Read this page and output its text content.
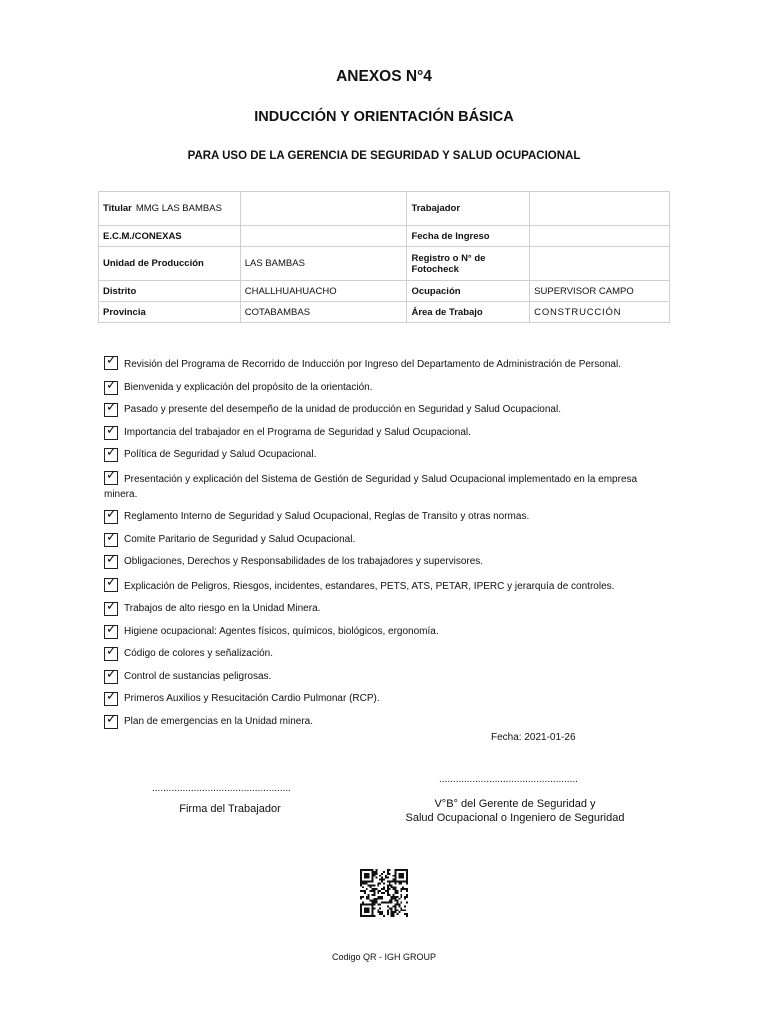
ANEXOS N°4
INDUCCIÓN Y ORIENTACIÓN BÁSICA
PARA USO DE LA GERENCIA DE SEGURIDAD Y SALUD OCUPACIONAL
Titular MMG LAS BAMBAS		Trabajador	
E.C.M./CONEXAS		Fecha de Ingreso	
Unidad de Producción	LAS BAMBAS	Registro o N° de Fotocheck	
Distrito	CHALLHUAHUACHO	Ocupación	SUPERVISOR CAMPO
Provincia	COTABAMBAS	Área de Trabajo	CONSTRUCCIÓN
✓ Revisión del Programa de Recorrido de Inducción por Ingreso del Departamento de Administración de Personal.
✓ Bienvenida y explicación del propósito de la orientación.
✓ Pasado y presente del desempeño de la unidad de producción en Seguridad y Salud Ocupacional.
✓ Importancia del trabajador en el Programa de Seguridad y Salud Ocupacional.
✓ Política de Seguridad y Salud Ocupacional.
✓ Presentación y explicación del Sistema de Gestión de Seguridad y Salud Ocupacional implementado en la empresa minera.
✓ Reglamento Interno de Seguridad y Salud Ocupacional, Reglas de Transito y otras normas.
✓ Comite Paritario de Seguridad y Salud Ocupacional.
✓ Obligaciones, Derechos y Responsabilidades de los trabajadores y supervisores.
✓ Explicación de Peligros, Riesgos, incidentes, estandares, PETS, ATS, PETAR, IPERC y jerarquía de controles.
✓ Trabajos de alto riesgo en la Unidad Minera.
✓ Higiene ocupacional: Agentes físicos, químicos, biológicos, ergonomía.
✓ Código de colores y señalización.
✓ Control de sustancias peligrosas.
✓ Primeros Auxilios y Resucitación Cardio Pulmonar (RCP).
✓ Plan de emergencias en la Unidad minera.
Fecha: 2021-01-26
..................................................
..................................................
Firma del Trabajador	V°B° del Gerente de Seguridad y
Salud Ocupacional o Ingeniero de Seguridad
Codigo QR - IGH GROUP
